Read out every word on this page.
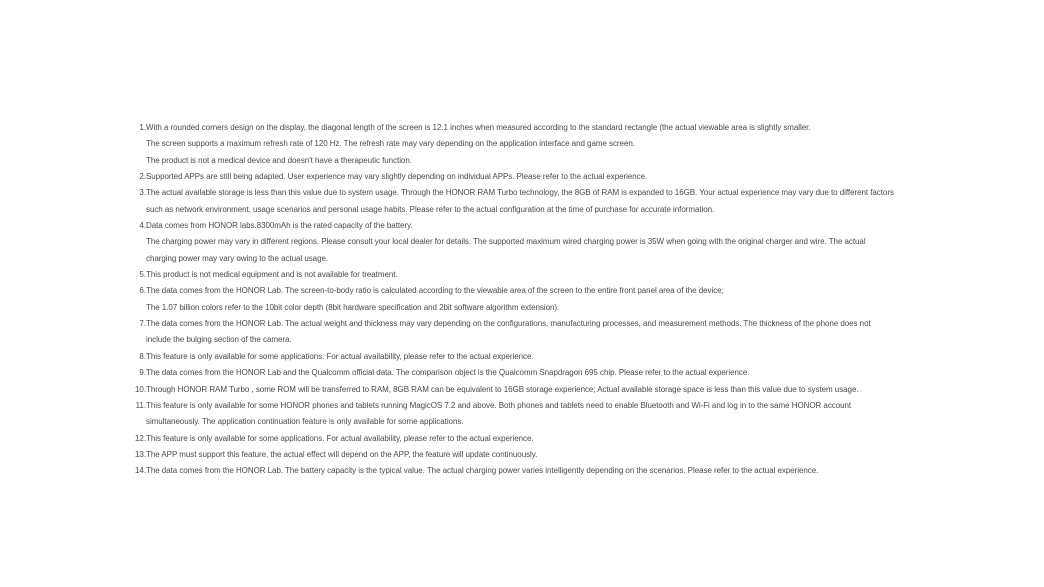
1. With a rounded corners design on the display, the diagonal length of the screen is 12.1 inches when measured according to the standard rectangle (the actual viewable area is slightly smaller.
The screen supports a maximum refresh rate of 120 Hz. The refresh rate may vary depending on the application interface and game screen.
The product is not a medical device and doesn't have a therapeutic function.
2. Supported APPs are still being adapted. User experience may vary slightly depending on individual APPs. Please refer to the actual experience.
3. The actual available storage is less than this value due to system usage. Through the HONOR RAM Turbo technology, the 8GB of RAM is expanded to 16GB. Your actual experience may vary due to different factors
such as network environment, usage scenarios and personal usage habits. Please refer to the actual configuration at the time of purchase for accurate information.
4. Data comes from HONOR labs.8300mAh is the rated capacity of the battery.
The charging power may vary in different regions. Please consult your local dealer for details. The supported maximum wired charging power is 35W when going with the original charger and wire. The actual
charging power may vary owing to the actual usage.
5. This product is not medical equipment and is not available for treatment.
6. The data comes from the HONOR Lab. The screen-to-body ratio is calculated according to the viewable area of the screen to the entire front panel area of the device;
The 1.07 billion colors refer to the 10bit color depth (8bit hardware specification and 2bit software algorithm extension).
7. The data comes from the HONOR Lab. The actual weight and thickness may vary depending on the configurations, manufacturing processes, and measurement methods. The thickness of the phone does not
include the bulging section of the camera.
8. This feature is only available for some applications. For actual availability, please refer to the actual experience.
9. The data comes from the HONOR Lab and the Qualcomm official data. The comparison object is the Qualcomm Snapdragon 695 chip. Please refer to the actual experience.
10. Through HONOR RAM Turbo , some ROM will be transferred to RAM, 8GB RAM can be equivalent to 16GB storage experience; Actual available storage space is less than this value due to system usage.
11. This feature is only available for some HONOR phones and tablets running MagicOS 7.2 and above. Both phones and tablets need to enable Bluetooth and Wi-Fi and log in to the same HONOR account
simultaneously. The application continuation feature is only available for some applications.
12. This feature is only available for some applications. For actual availability, please refer to the actual experience.
13. The APP must support this feature, the actual effect will depend on the APP, the feature will update continuously.
14. The data comes from the HONOR Lab. The battery capacity is the typical value. The actual charging power varies intelligently depending on the scenarios. Please refer to the actual experience.
